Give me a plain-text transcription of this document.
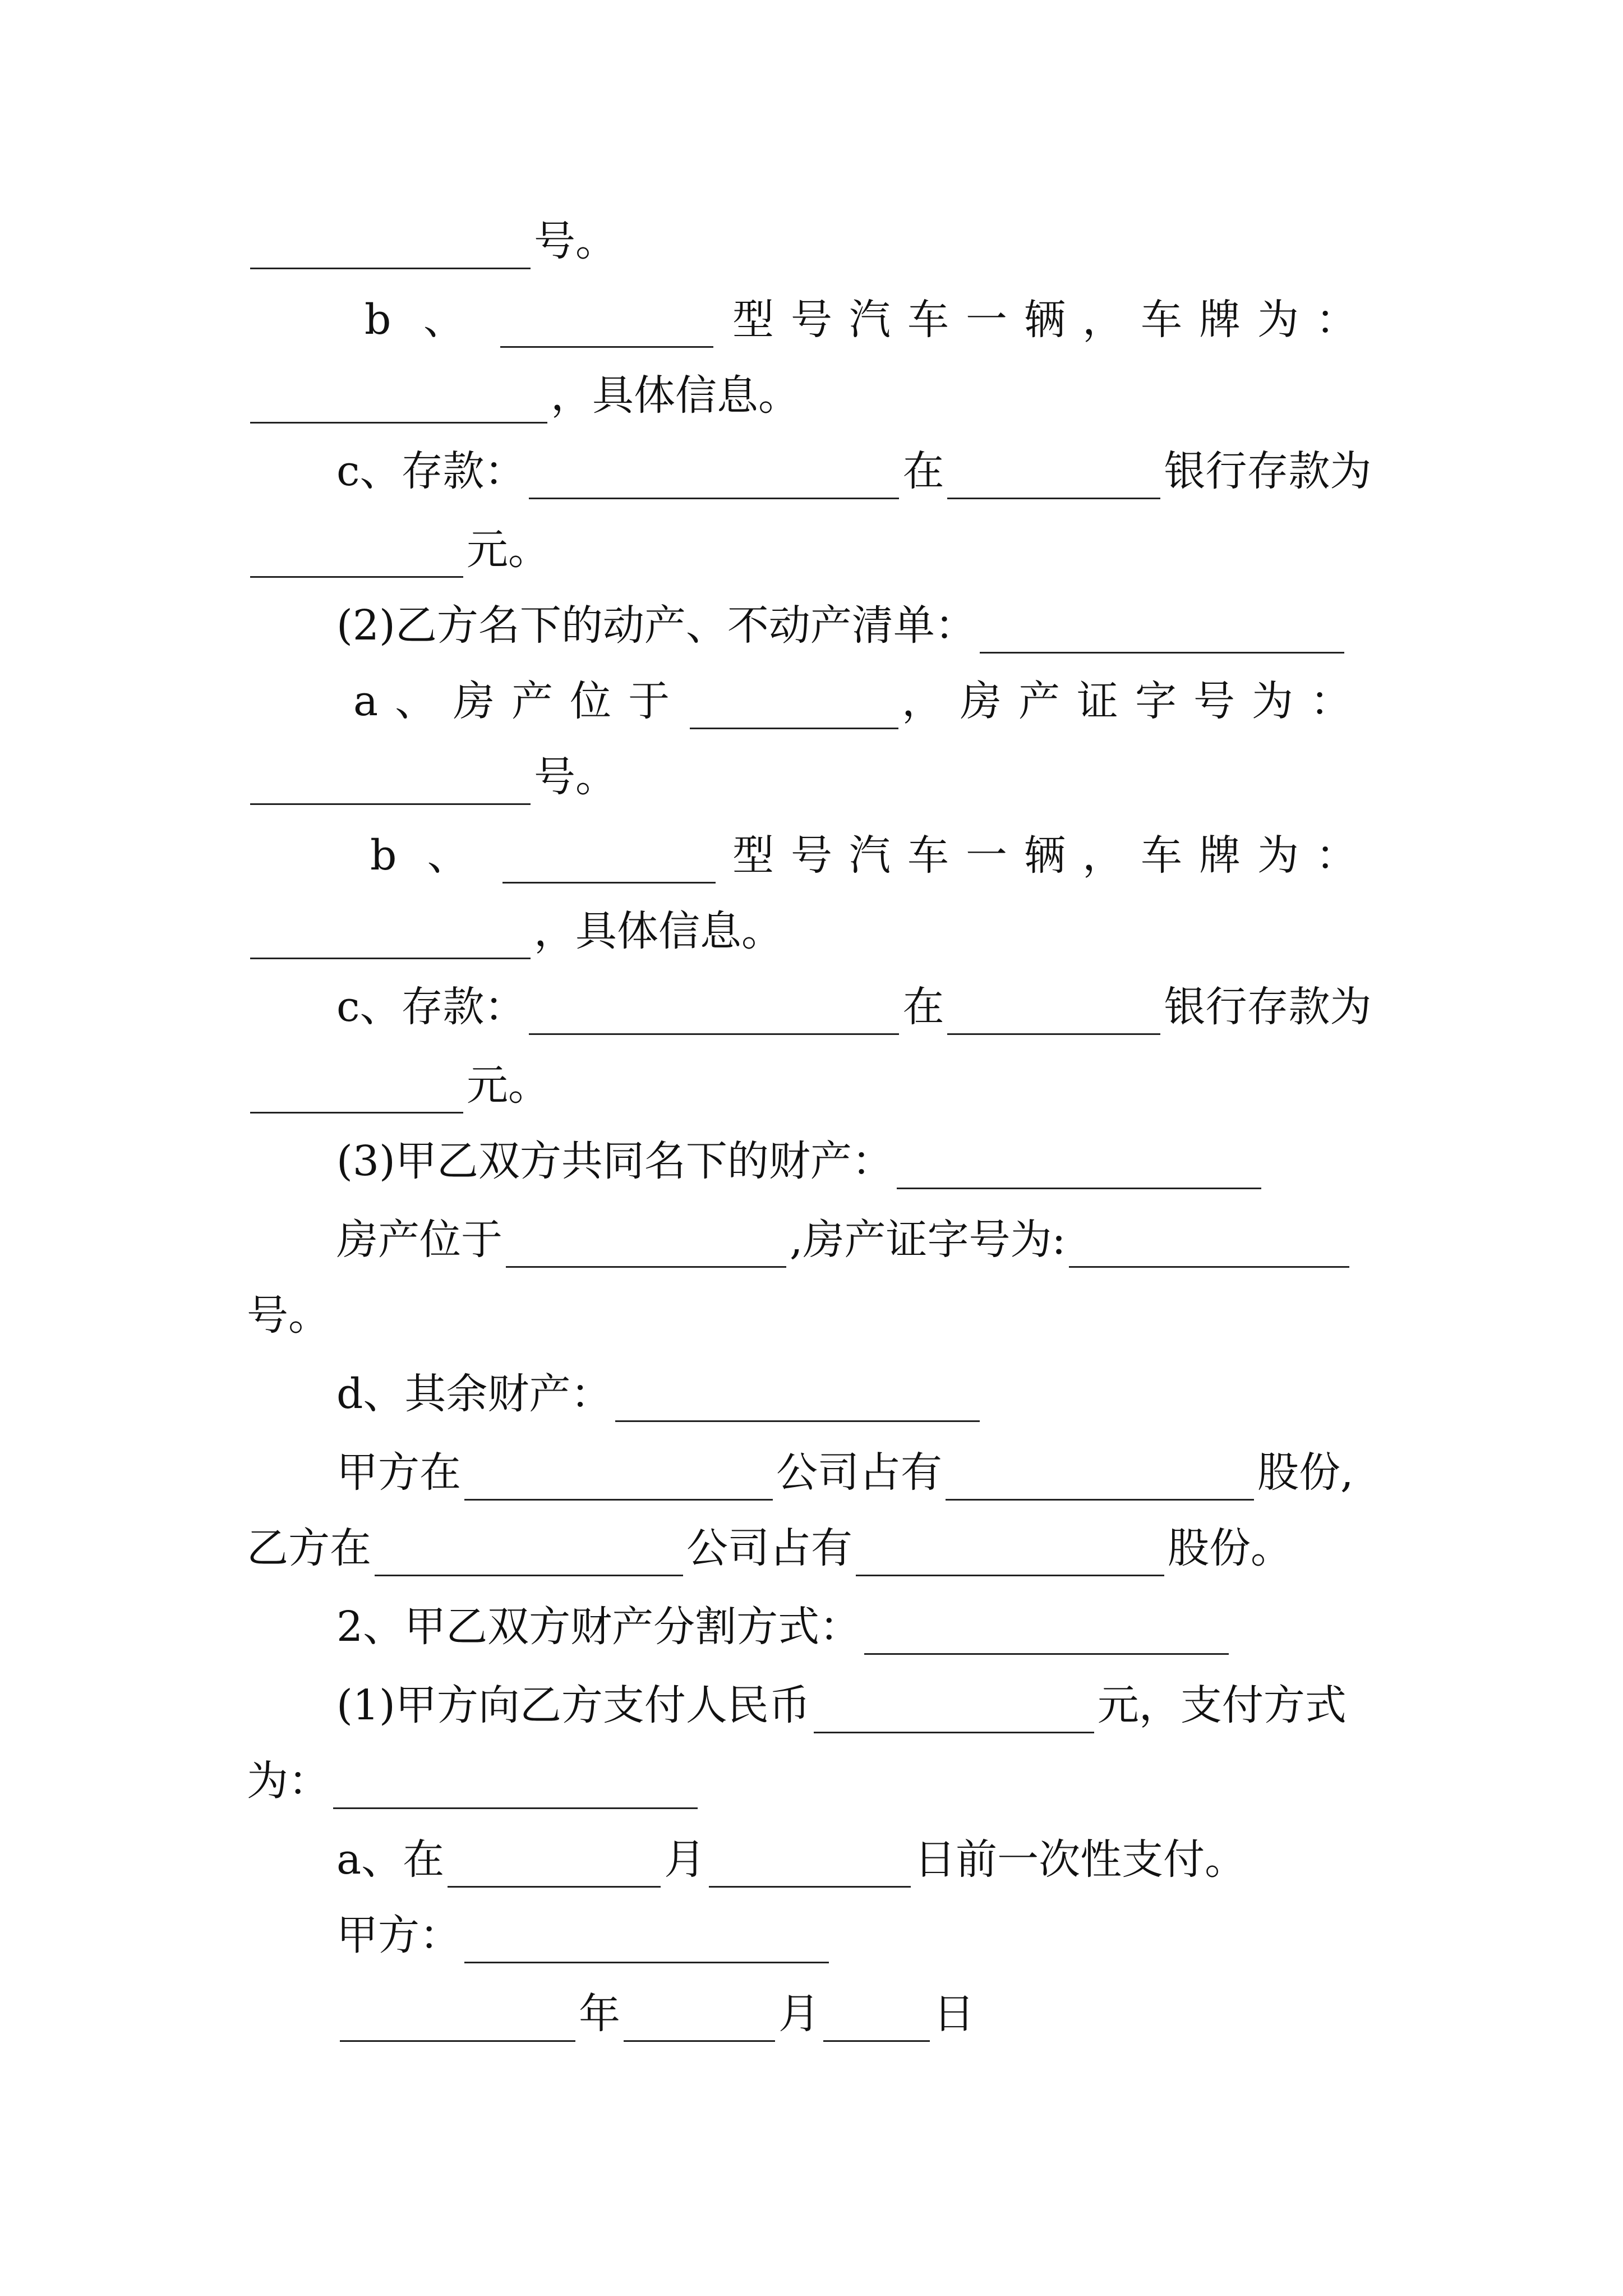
号。
b 、	型号汽车一辆，车牌为：
，具体信息。
c、存款：	在	银行存款为
元。
(2)乙方名下的动产、不动产清单：
a、房产位于	，房产证字号为：
号。
b 、	型号汽车一辆，车牌为：
，具体信息。
c、存款：	在	银行存款为
元。
(3)甲乙双方共同名下的财产：
房产位于	,房产证字号为:
号。
d、其余财产：
甲方在	公司占有	股份,
乙方在	公司占有	股份。
2、甲乙双方财产分割方式：
(1)甲方向乙方支付人民币	元，支付方式
为：
a、在	月	日前一次性支付。
甲方：
年	月	日
